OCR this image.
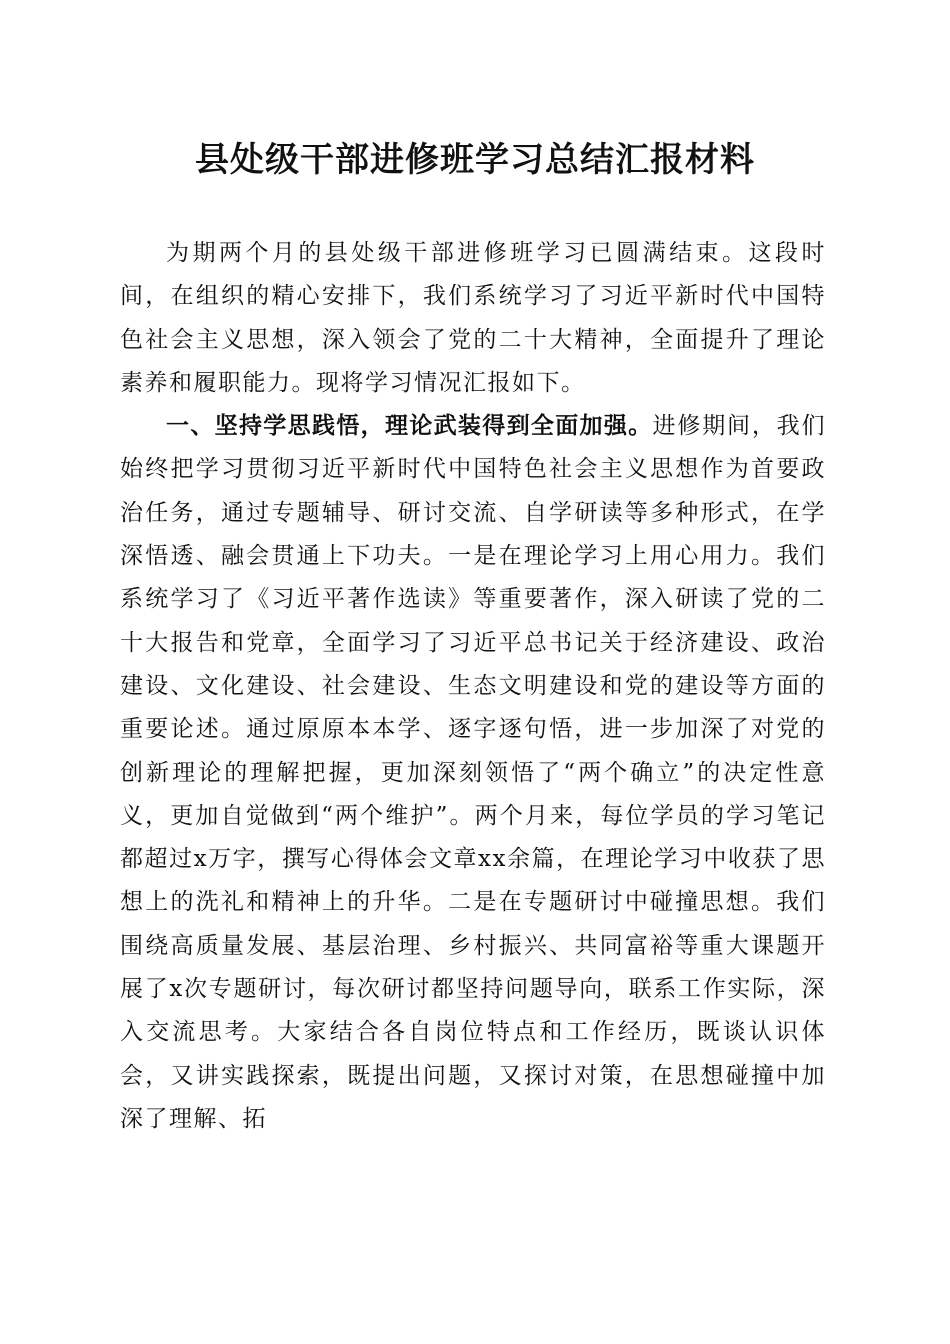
县处级干部进修班学习总结汇报材料

为期两个月的县处级干部进修班学习已圆满结束。这段时间，在组织的精心安排下，我们系统学习了习近平新时代中国特色社会主义思想，深入领会了党的二十大精神，全面提升了理论素养和履职能力。现将学习情况汇报如下。

一、坚持学思践悟，理论武装得到全面加强。进修期间，我们始终把学习贯彻习近平新时代中国特色社会主义思想作为首要政治任务，通过专题辅导、研讨交流、自学研读等多种形式，在学深悟透、融会贯通上下功夫。一是在理论学习上用心用力。我们系统学习了《习近平著作选读》等重要著作，深入研读了党的二十大报告和党章，全面学习了习近平总书记关于经济建设、政治建设、文化建设、社会建设、生态文明建设和党的建设等方面的重要论述。通过原原本本学、逐字逐句悟，进一步加深了对党的创新理论的理解把握，更加深刻领悟了“两个确立”的决定性意义，更加自觉做到“两个维护”。两个月来，每位学员的学习笔记都超过x万字，撰写心得体会文章xx余篇，在理论学习中收获了思想上的洗礼和精神上的升华。二是在专题研讨中碰撞思想。我们围绕高质量发展、基层治理、乡村振兴、共同富裕等重大课题开展了x次专题研讨，每次研讨都坚持问题导向，联系工作实际，深入交流思考。大家结合各自岗位特点和工作经历，既谈认识体会，又讲实践探索，既提出问题，又探讨对策，在思想碰撞中加深了理解、拓
